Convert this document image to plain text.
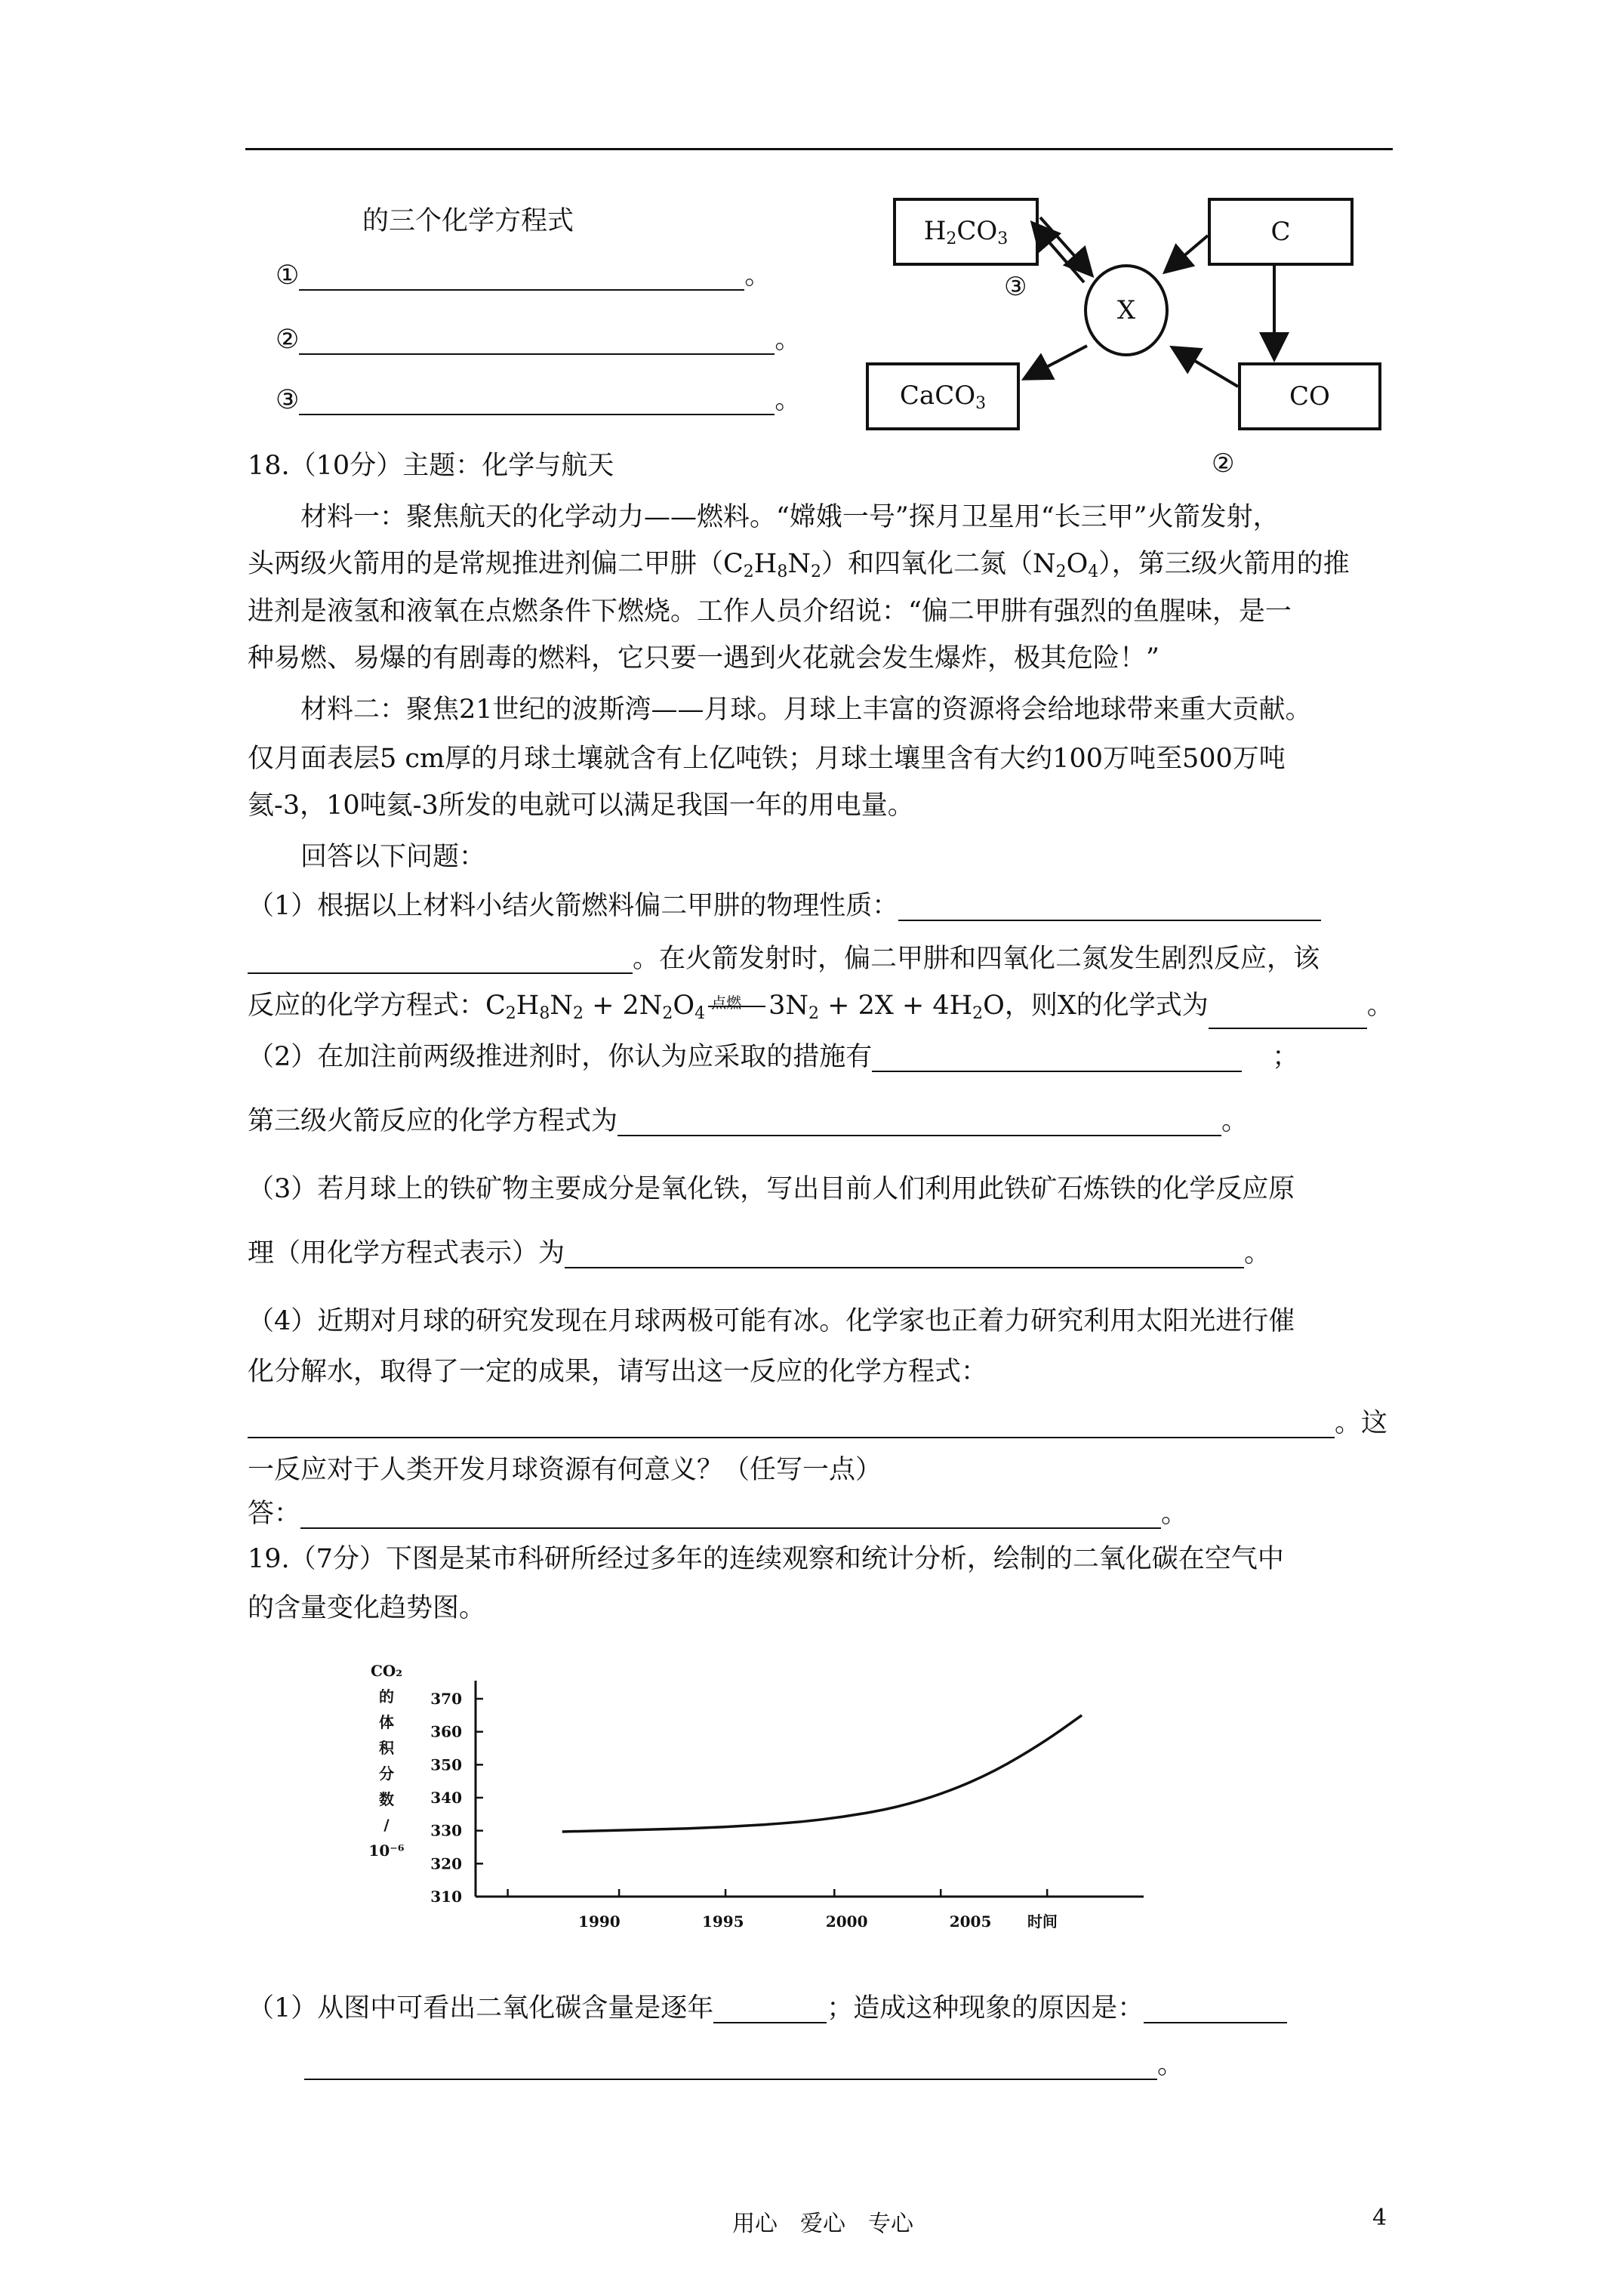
的三个化学方程式
①	。
②	。
③	。
$H_2CO_3$	C
CaCO$_3$	CO
X
③
②
18.（10分）主题：化学与航天
材料一：聚焦航天的化学动力——燃料。“嫦娥一号”探月卫星用“长三甲”火箭发射，
头两级火箭用的是常规推进剂偏二甲肼$(C_2H_8N_2)$和四氧化二氮$(N_2O_4)$，第三级火箭用的推
进剂是液氢和液氧在点燃条件下燃烧。工作人员介绍说：“偏二甲肼有强烈的鱼腥味，是一
种易燃、易爆的有剧毒的燃料，它只要一遇到火花就会发生爆炸，极其危险！”
材料二：聚焦21世纪的波斯湾——月球。月球上丰富的资源将会给地球带来重大贡献。
仅月面表层5 cm厚的月球土壤就含有上亿吨铁；月球土壤里含有大约100万吨至500万吨
氦-3，10吨氦-3所发的电就可以满足我国一年的用电量。
回答以下问题：
（1）根据以上材料小结火箭燃料偏二甲肼的物理性质：
。在火箭发射时，偏二甲肼和四氧化二氮发生剧烈反应，该
反应的化学方程式：$C_2H_8N_2 + 2N_2O_4$
点燃 $3N_2 + 2X + 4H_2O$，则X的化学式为	。
（2）在加注前两级推进剂时，你认为应采取的措施有	；
第三级火箭反应的化学方程式为	。
（3）若月球上的铁矿物主要成分是氧化铁，写出目前人们利用此铁矿石炼铁的化学反应原
理（用化学方程式表示）为	。
（4）近期对月球的研究发现在月球两极可能有冰。化学家也正着力研究利用太阳光进行催
化分解水，取得了一定的成果，请写出这一反应的化学方程式：
。这
一反应对于人类开发月球资源有何意义？（任写一点）
答：	。
19.（7分）下图是某市科研所经过多年的连续观察和统计分析，绘制的二氧化碳在空气中
的含量变化趋势图。
CO₂
的
体
积
分
数
/
10⁻⁶
370
360
350
340
330
320
310
1990	1995	2000	2005 时间
（1）从图中可看出二氧化碳含量是逐年	；造成这种现象的原因是：
。
用心　爱心　专心	4
